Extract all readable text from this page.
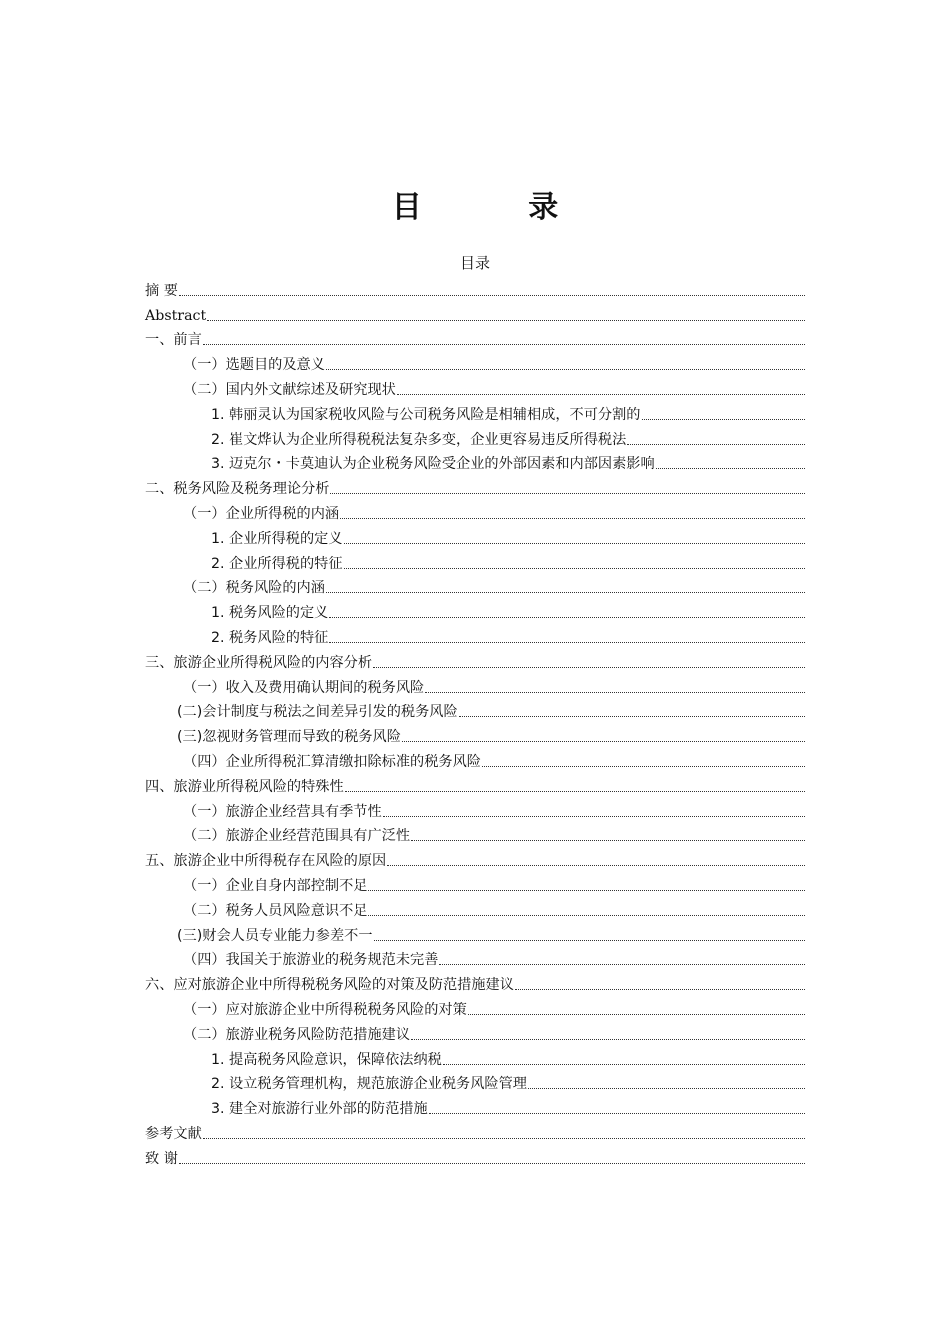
目 录
目录
摘 要
Abstract
一、前言
（一）选题目的及意义
（二）国内外文献综述及研究现状
1. 韩丽灵认为国家税收风险与公司税务风险是相辅相成，不可分割的
2. 崔文烨认为企业所得税税法复杂多变，企业更容易违反所得税法
3. 迈克尔・卡莫迪认为企业税务风险受企业的外部因素和内部因素影响
二、税务风险及税务理论分析
（一）企业所得税的内涵
1. 企业所得税的定义
2. 企业所得税的特征
（二）税务风险的内涵
1. 税务风险的定义
2. 税务风险的特征
三、旅游企业所得税风险的内容分析
（一）收入及费用确认期间的税务风险
(二)会计制度与税法之间差异引发的税务风险
(三)忽视财务管理而导致的税务风险
（四）企业所得税汇算清缴扣除标准的税务风险
四、旅游业所得税风险的特殊性
（一）旅游企业经营具有季节性
（二）旅游企业经营范围具有广泛性
五、旅游企业中所得税存在风险的原因
（一）企业自身内部控制不足
（二）税务人员风险意识不足
(三)财会人员专业能力参差不一
（四）我国关于旅游业的税务规范未完善
六、应对旅游企业中所得税税务风险的对策及防范措施建议
（一）应对旅游企业中所得税税务风险的对策
（二）旅游业税务风险防范措施建议
1. 提高税务风险意识，保障依法纳税
2. 设立税务管理机构，规范旅游企业税务风险管理
3. 建全对旅游行业外部的防范措施
参考文献
致 谢
